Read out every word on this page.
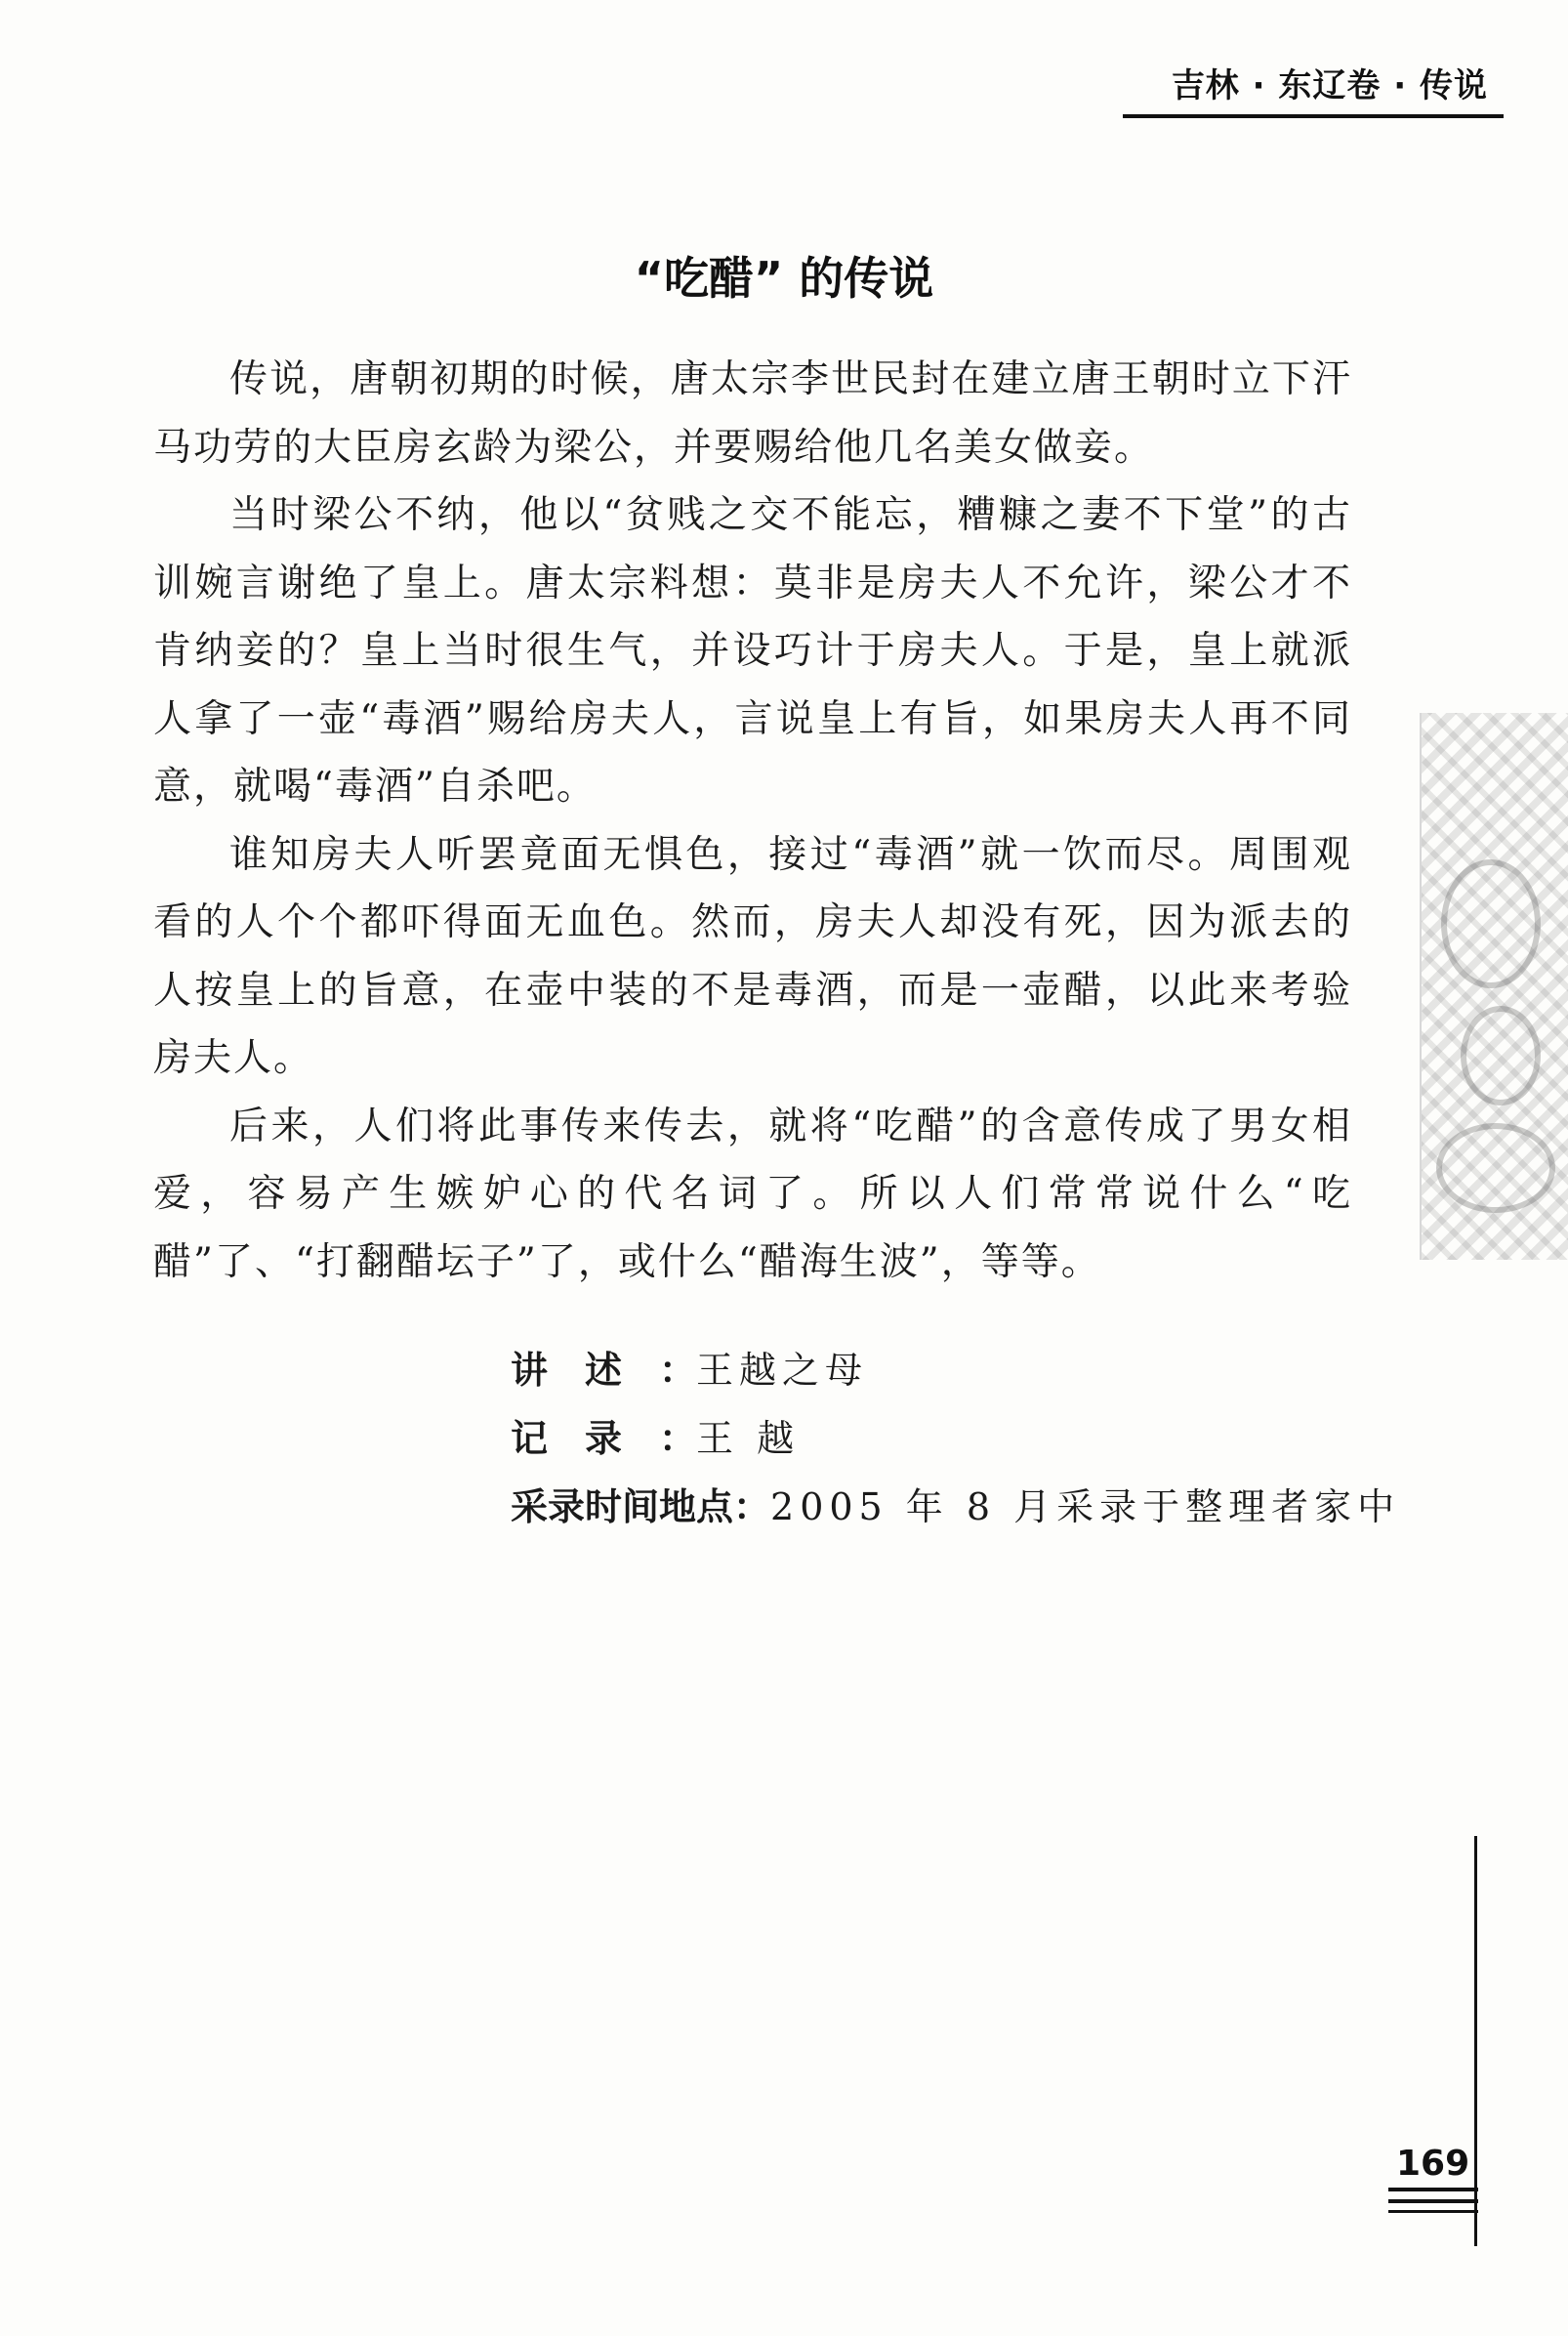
吉林 · 东辽卷 · 传说
“吃醋” 的传说

传说，唐朝初期的时候，唐太宗李世民封在建立唐王朝时立下汗马功劳的大臣房玄龄为梁公，并要赐给他几名美女做妾。

当时梁公不纳，他以“贫贱之交不能忘，糟糠之妻不下堂”的古训婉言谢绝了皇上。唐太宗料想：莫非是房夫人不允许，梁公才不肯纳妾的？皇上当时很生气，并设巧计于房夫人。于是，皇上就派人拿了一壶“毒酒”赐给房夫人，言说皇上有旨，如果房夫人再不同意，就喝“毒酒”自杀吧。

谁知房夫人听罢竟面无惧色，接过“毒酒”就一饮而尽。周围观看的人个个都吓得面无血色。然而，房夫人却没有死，因为派去的人按皇上的旨意，在壶中装的不是毒酒，而是一壶醋，以此来考验房夫人。

后来，人们将此事传来传去，就将“吃醋”的含意传成了男女相爱，容易产生嫉妒心的代名词了。所以人们常常说什么“吃醋”了、“打翻醋坛子”了，或什么“醋海生波”，等等。

讲述：王越之母
记录：王 越
采录时间地点：2005 年 8 月采录于整理者家中
169
